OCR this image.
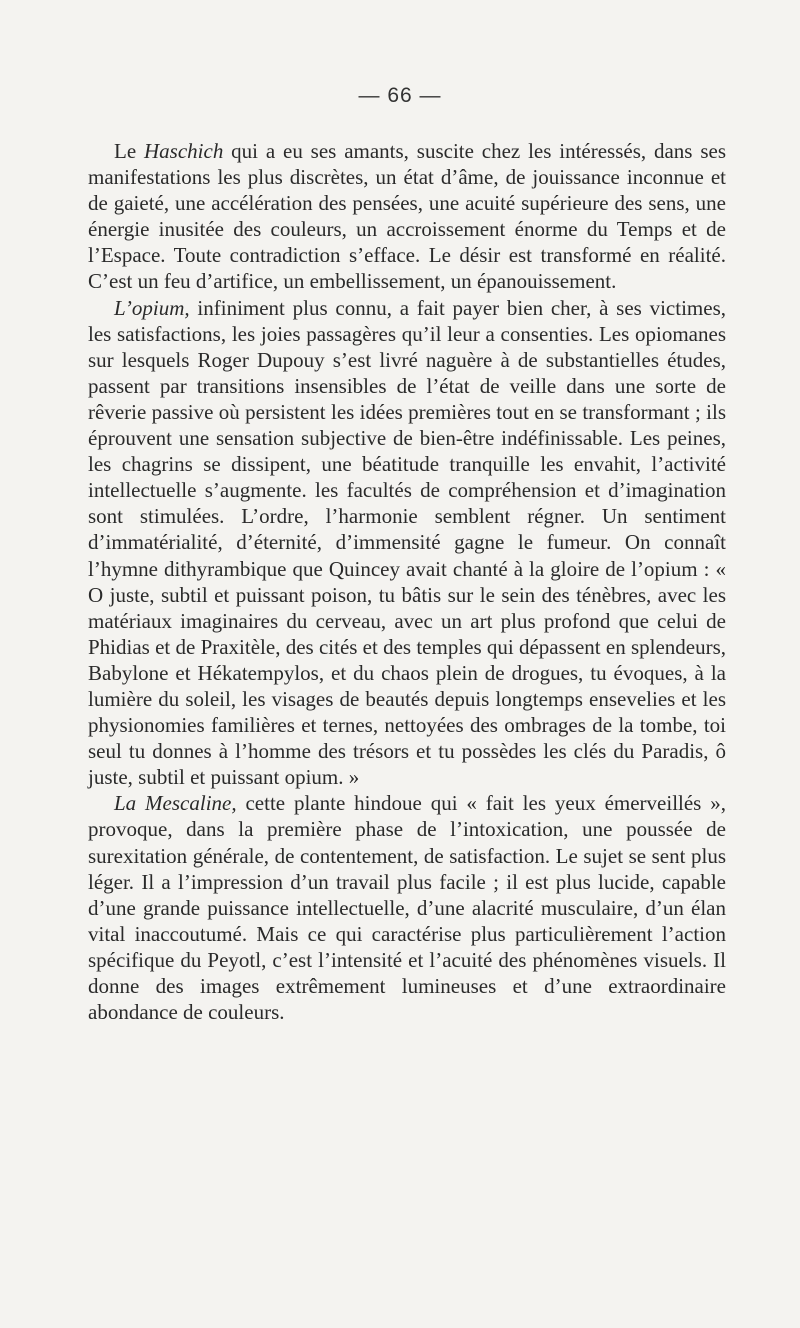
— 66 —

Le Haschich qui a eu ses amants, suscite chez les intéressés, dans ses manifestations les plus discrètes, un état d’âme, de jouissance inconnue et de gaieté, une accélération des pensées, une acuité supérieure des sens, une énergie inusitée des couleurs, un accroissement énorme du Temps et de l’Espace. Toute contradiction s’efface. Le désir est transformé en réalité. C’est un feu d’artifice, un embellissement, un épanouissement.

L’opium, infiniment plus connu, a fait payer bien cher, à ses victimes, les satisfactions, les joies passagères qu’il leur a consenties. Les opiomanes sur lesquels Roger Dupouy s’est livré naguère à de substantielles études, passent par transitions insensibles de l’état de veille dans une sorte de rêverie passive où persistent les idées premières tout en se transformant ; ils éprouvent une sensation subjective de bien-être indéfinissable. Les peines, les chagrins se dissipent, une béatitude tranquille les envahit, l’activité intellectuelle s’augmente. les facultés de compréhension et d’imagination sont stimulées. L’ordre, l’harmonie semblent régner. Un sentiment d’immatérialité, d’éternité, d’immensité gagne le fumeur. On connaît l’hymne dithyrambique que Quincey avait chanté à la gloire de l’opium : « O juste, subtil et puissant poison, tu bâtis sur le sein des ténèbres, avec les matériaux imaginaires du cerveau, avec un art plus profond que celui de Phidias et de Praxitèle, des cités et des temples qui dépassent en splendeurs, Babylone et Hékatempylos, et du chaos plein de drogues, tu évoques, à la lumière du soleil, les visages de beautés depuis longtemps ensevelies et les physionomies familières et ternes, nettoyées des ombrages de la tombe, toi seul tu donnes à l’homme des trésors et tu possèdes les clés du Paradis, ô juste, subtil et puissant opium. »

La Mescaline, cette plante hindoue qui « fait les yeux émerveillés », provoque, dans la première phase de l’intoxication, une poussée de surexitation générale, de contentement, de satisfaction. Le sujet se sent plus léger. Il a l’impression d’un travail plus facile ; il est plus lucide, capable d’une grande puissance intellectuelle, d’une alacrité musculaire, d’un élan vital inaccoutumé. Mais ce qui caractérise plus particulièrement l’action spécifique du Peyotl, c’est l’intensité et l’acuité des phénomènes visuels. Il donne des images extrêmement lumineuses et d’une extraordinaire abondance de couleurs.
